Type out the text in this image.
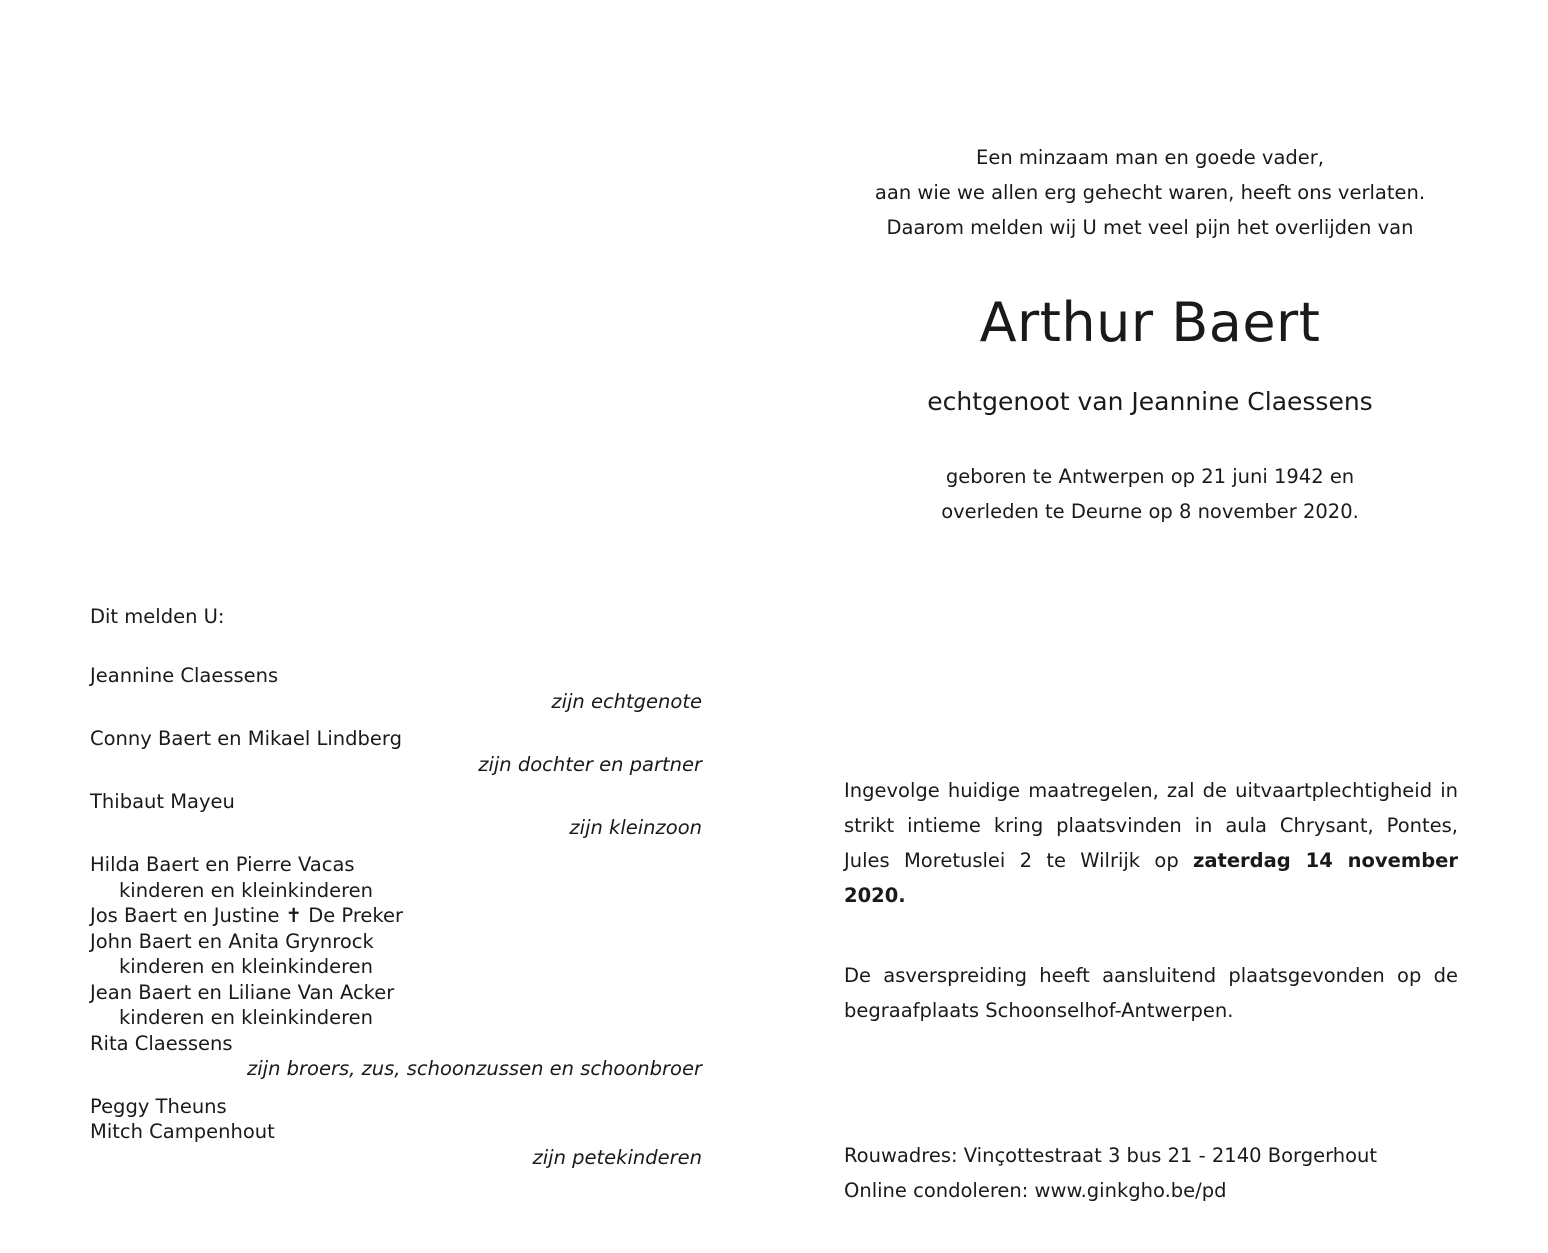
Een minzaam man en goede vader,
aan wie we allen erg gehecht waren, heeft ons verlaten.
Daarom melden wij U met veel pijn het overlijden van
Arthur Baert
echtgenoot van Jeannine Claessens
geboren te Antwerpen op 21 juni 1942 en
overleden te Deurne op 8 november 2020.
Dit melden U:
Jeannine Claessens
zijn echtgenote
Conny Baert en Mikael Lindberg
zijn dochter en partner
Thibaut Mayeu
zijn kleinzoon
Hilda Baert en Pierre Vacas
kinderen en kleinkinderen
Jos Baert en Justine ✝ De Preker
John Baert en Anita Grynrock
kinderen en kleinkinderen
Jean Baert en Liliane Van Acker
kinderen en kleinkinderen
Rita Claessens
zijn broers, zus, schoonzussen en schoonbroer
Peggy Theuns
Mitch Campenhout
zijn petekinderen
Ingevolge huidige maatregelen, zal de uitvaartplechtigheid in strikt intieme kring plaatsvinden in aula Chrysant, Pontes, Jules Moretuslei 2 te Wilrijk op zaterdag 14 november 2020.
De asverspreiding heeft aansluitend plaatsgevonden op de begraafplaats Schoonselhof-Antwerpen.
Rouwadres: Vinçottestraat 3 bus 21 - 2140 Borgerhout
Online condoleren: www.ginkgho.be/pd
